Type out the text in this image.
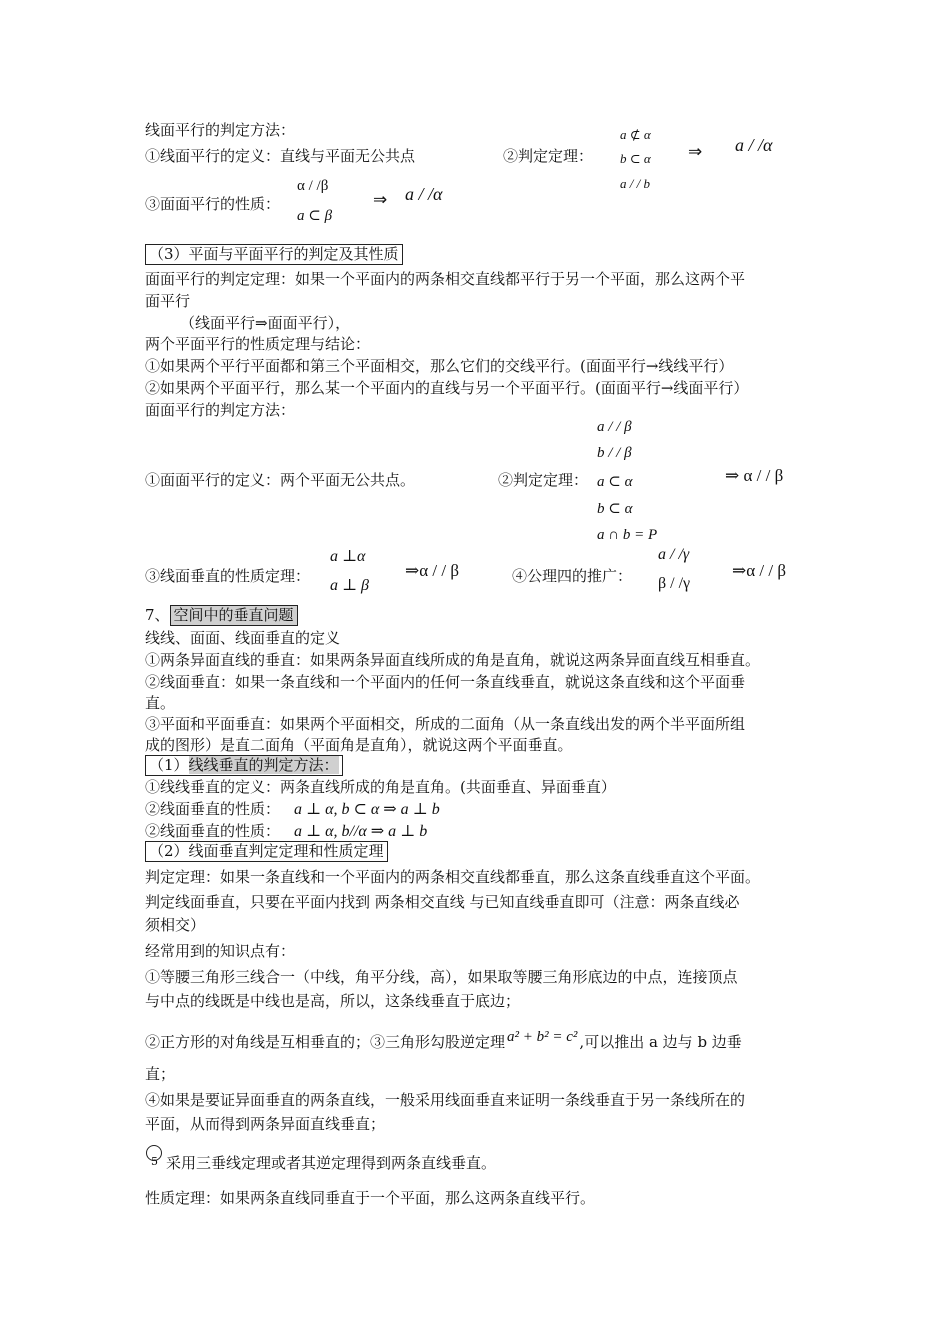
线面平行的判定方法：
①线面平行的定义：直线与平面无公共点	②判定定理：
a ⊄ α
b ⊂ α
a / / b
⇒ a / /α
③面面平行的性质：
α / /β
a ⊂ β
⇒ a / /α
（3）平面与平面平行的判定及其性质
面面平行的判定定理：如果一个平面内的两条相交直线都平行于另一个平面，那么这两个平
面平行
（线面平行⇒面面平行），
两个平面平行的性质定理与结论：
①如果两个平行平面都和第三个平面相交，那么它们的交线平行。(面面平行→线线平行）
②如果两个平面平行，那么某一个平面内的直线与另一个平面平行。(面面平行→线面平行）
面面平行的判定方法：
①面面平行的定义：两个平面无公共点。	②判定定理：
a / / β
b / / β
a ⊂ α
b ⊂ α
a ∩ b = P
⇒ α / / β
③线面垂直的性质定理：
a ⊥α
a ⊥ β
⇒α / / β	④公理四的推广：
a / /γ
β / /γ
⇒α / / β
7、 空间中的垂直问题
线线、面面、线面垂直的定义
①两条异面直线的垂直：如果两条异面直线所成的角是直角，就说这两条异面直线互相垂直。
②线面垂直：如果一条直线和一个平面内的任何一条直线垂直，就说这条直线和这个平面垂
直。
③平面和平面垂直：如果两个平面相交，所成的二面角（从一条直线出发的两个半平面所组
成的图形）是直二面角（平面角是直角），就说这两个平面垂直。
（1）线线垂直的判定方法：
①线线垂直的定义：两条直线所成的角是直角。(共面垂直、异面垂直）
②线面垂直的性质： a ⊥ α, b ⊂ α ⇒ a ⊥ b
②线面垂直的性质： a ⊥ α, b//α ⇒ a ⊥ b
（2）线面垂直判定定理和性质定理
判定定理：如果一条直线和一个平面内的两条相交直线都垂直，那么这条直线垂直这个平面。
判定线面垂直，只要在平面内找到 两条相交直线 与已知直线垂直即可（注意：两条直线必
须相交）
经常用到的知识点有：
①等腰三角形三线合一（中线，角平分线，高），如果取等腰三角形底边的中点，连接顶点
与中点的线既是中线也是高，所以，这条线垂直于底边；
②正方形的对角线是互相垂直的；③三角形勾股逆定理 a² + b² = c² ,可以推出 a 边与 b 边垂
直；
④如果是要证异面垂直的两条直线，一般采用线面垂直来证明一条线垂直于另一条线所在的
平面，从而得到两条异面直线垂直；
5 采用三垂线定理或者其逆定理得到两条直线垂直。
性质定理：如果两条直线同垂直于一个平面，那么这两条直线平行。
